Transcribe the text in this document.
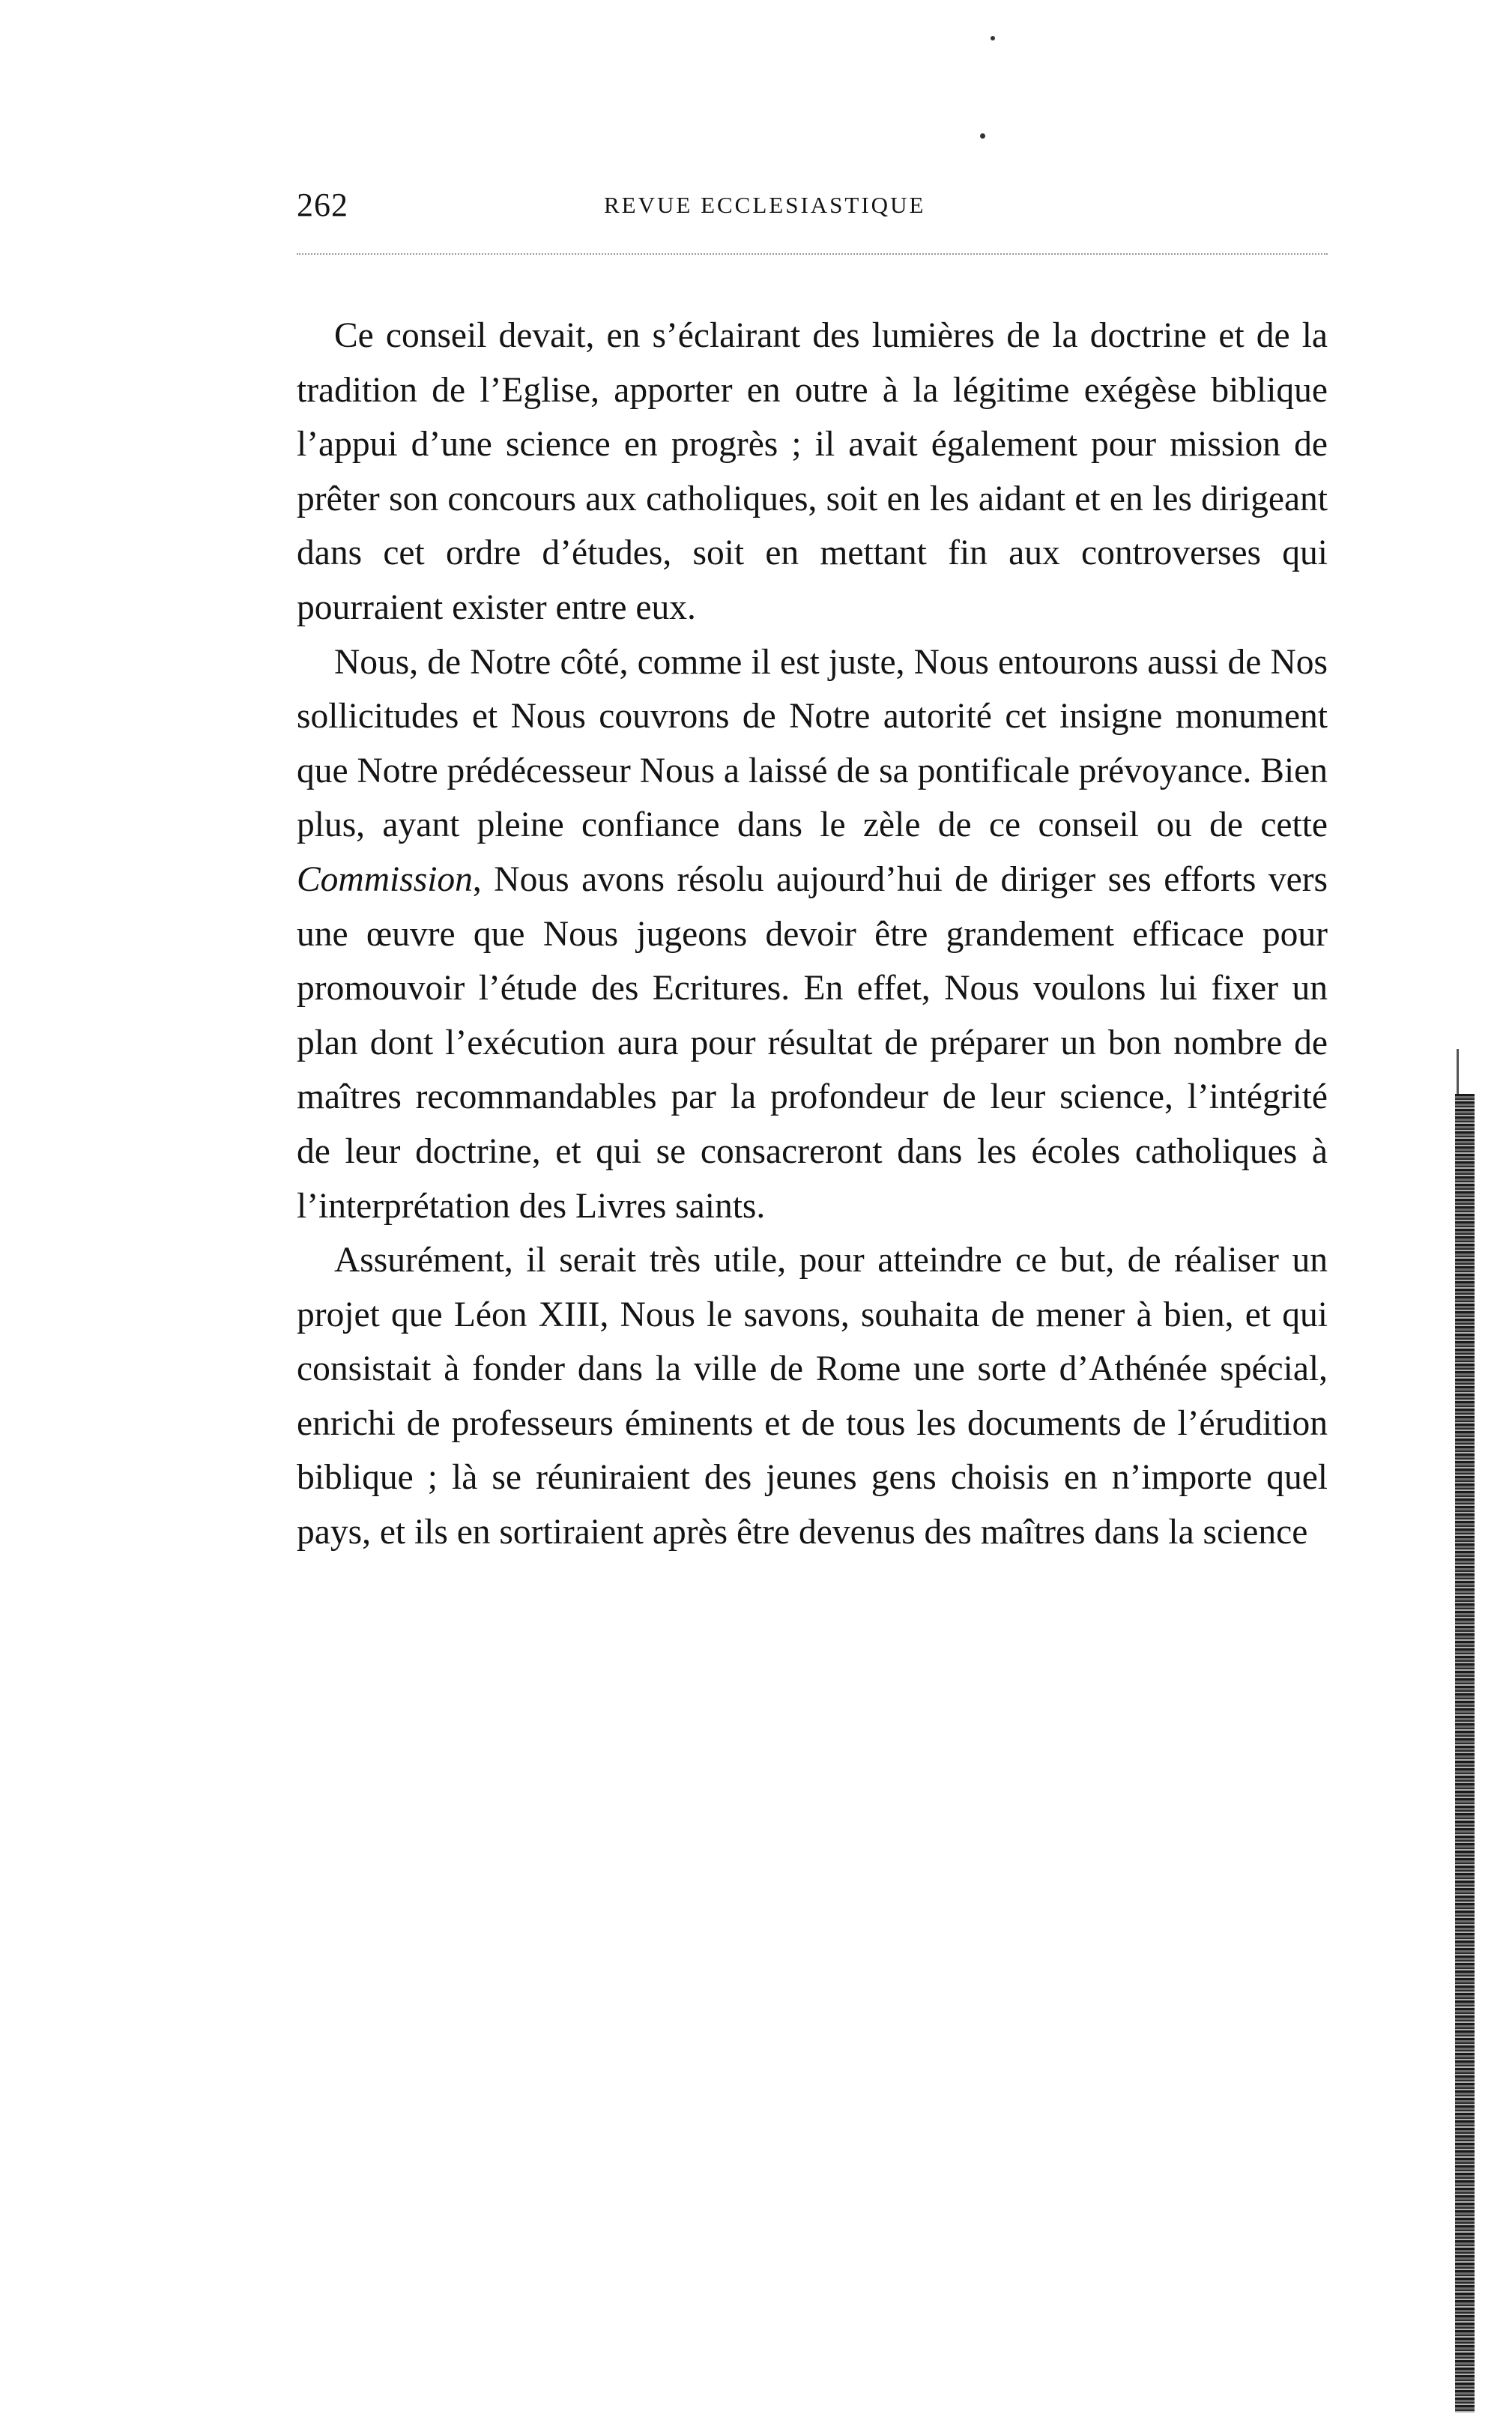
262	REVUE ECCLESIASTIQUE

Ce conseil devait, en s’éclairant des lumières de la doctrine et de la tradition de l’Eglise, apporter en outre à la légitime exégèse biblique l’appui d’une science en progrès ; il avait également pour mission de prêter son concours aux catholiques, soit en les aidant et en les dirigeant dans cet ordre d’études, soit en mettant fin aux controverses qui pourraient exister entre eux.

Nous, de Notre côté, comme il est juste, Nous entourons aussi de Nos sollicitudes et Nous couvrons de Notre autorité cet insigne monument que Notre prédécesseur Nous a laissé de sa pontificale prévoyance. Bien plus, ayant pleine confiance dans le zèle de ce conseil ou de cette Commission, Nous avons résolu aujourd’hui de diriger ses efforts vers une œuvre que Nous jugeons devoir être grandement efficace pour promouvoir l’étude des Ecritures. En effet, Nous voulons lui fixer un plan dont l’exécution aura pour résultat de préparer un bon nombre de maîtres recommandables par la profondeur de leur science, l’intégrité de leur doctrine, et qui se consacreront dans les écoles catholiques à l’interprétation des Livres saints.

Assurément, il serait très utile, pour atteindre ce but, de réaliser un projet que Léon XIII, Nous le savons, souhaita de mener à bien, et qui consistait à fonder dans la ville de Rome une sorte d’Athénée spécial, enrichi de professeurs éminents et de tous les documents de l’érudition biblique ; là se réuniraient des jeunes gens choisis en n’importe quel pays, et ils en sortiraient après être devenus des maîtres dans la science
